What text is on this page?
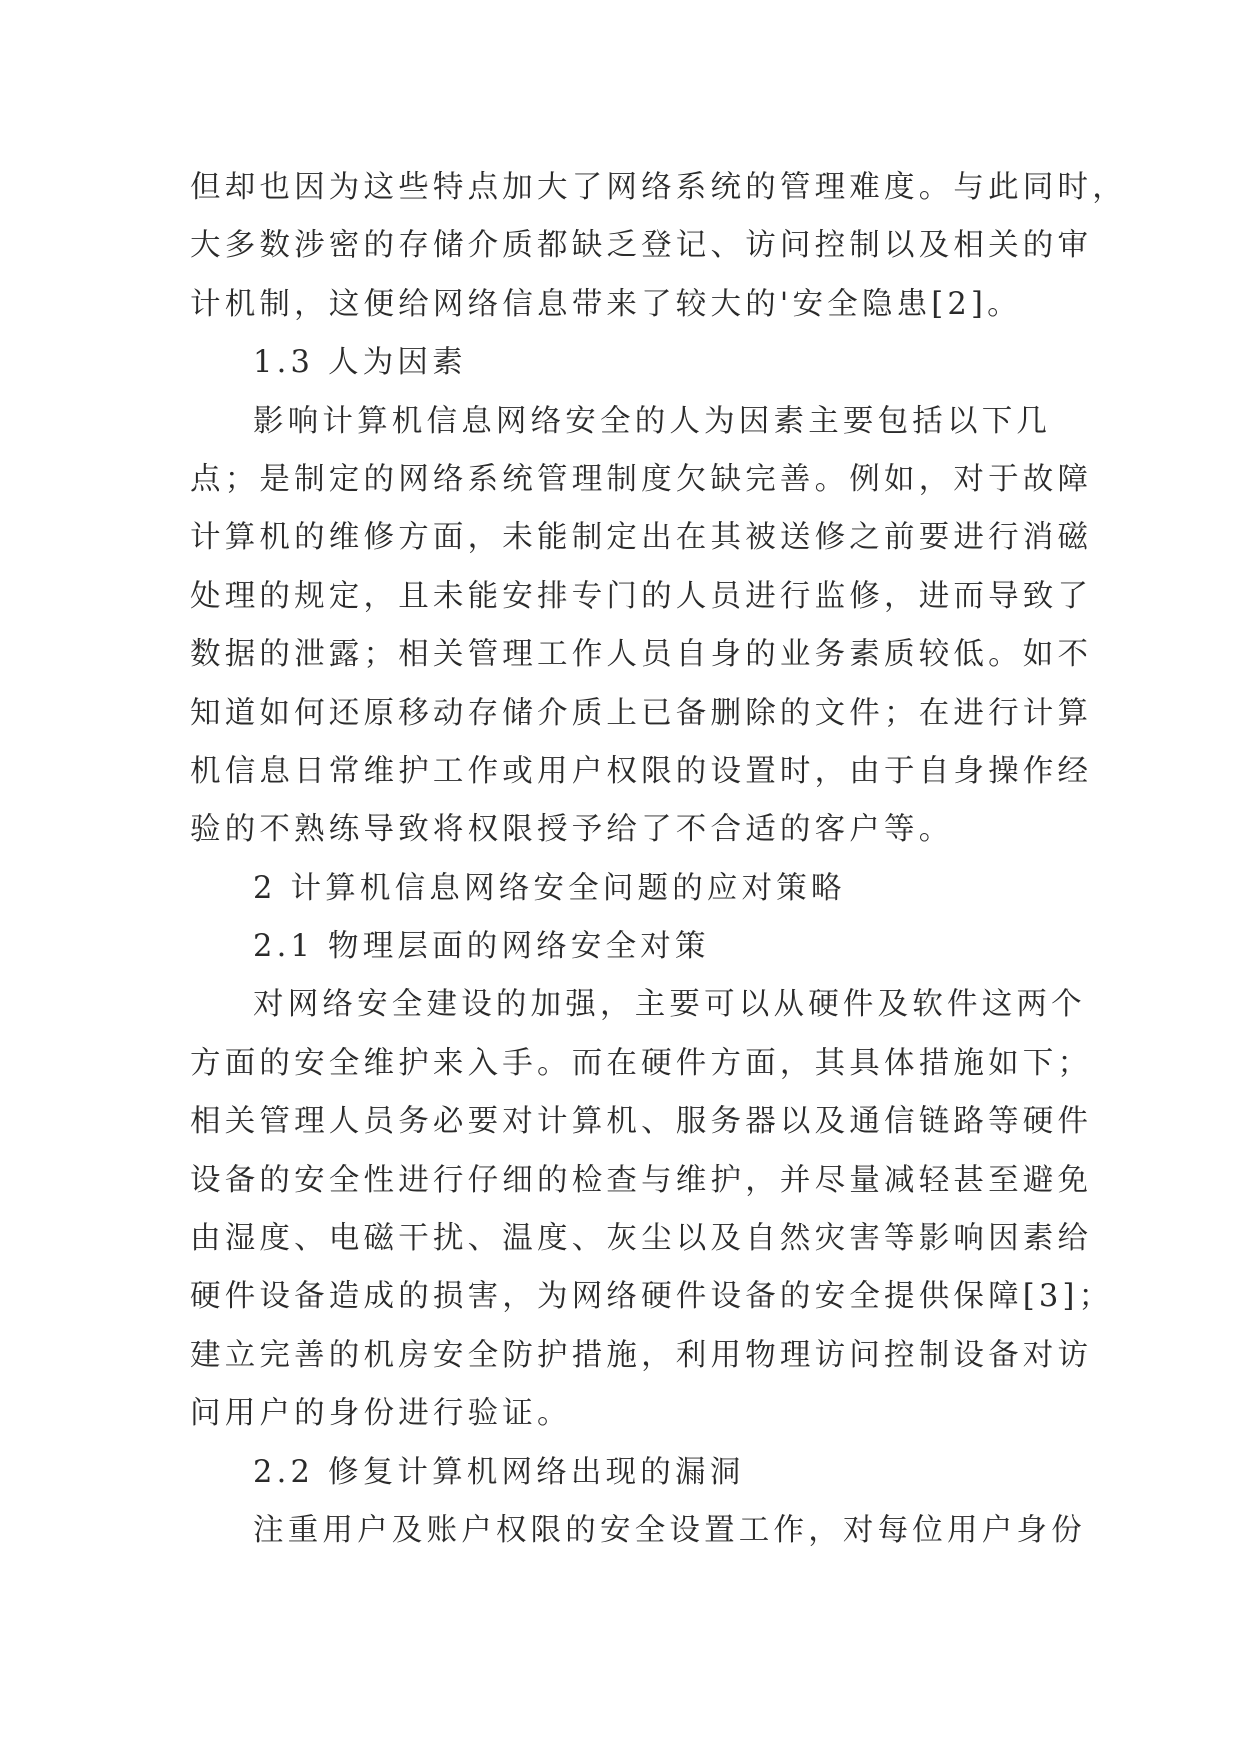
但却也因为这些特点加大了网络系统的管理难度。与此同时，
大多数涉密的存储介质都缺乏登记、访问控制以及相关的审
计机制，这便给网络信息带来了较大的'安全隐患[2]。

1.3 人为因素

影响计算机信息网络安全的人为因素主要包括以下几
点；是制定的网络系统管理制度欠缺完善。例如，对于故障
计算机的维修方面，未能制定出在其被送修之前要进行消磁
处理的规定，且未能安排专门的人员进行监修，进而导致了
数据的泄露；相关管理工作人员自身的业务素质较低。如不
知道如何还原移动存储介质上已备删除的文件；在进行计算
机信息日常维护工作或用户权限的设置时，由于自身操作经
验的不熟练导致将权限授予给了不合适的客户等。

2 计算机信息网络安全问题的应对策略
2.1 物理层面的网络安全对策

对网络安全建设的加强，主要可以从硬件及软件这两个
方面的安全维护来入手。而在硬件方面，其具体措施如下；
相关管理人员务必要对计算机、服务器以及通信链路等硬件
设备的安全性进行仔细的检查与维护，并尽量减轻甚至避免
由湿度、电磁干扰、温度、灰尘以及自然灾害等影响因素给
硬件设备造成的损害，为网络硬件设备的安全提供保障[3]；
建立完善的机房安全防护措施，利用物理访问控制设备对访
问用户的身份进行验证。

2.2 修复计算机网络出现的漏洞

注重用户及账户权限的安全设置工作，对每位用户身份
